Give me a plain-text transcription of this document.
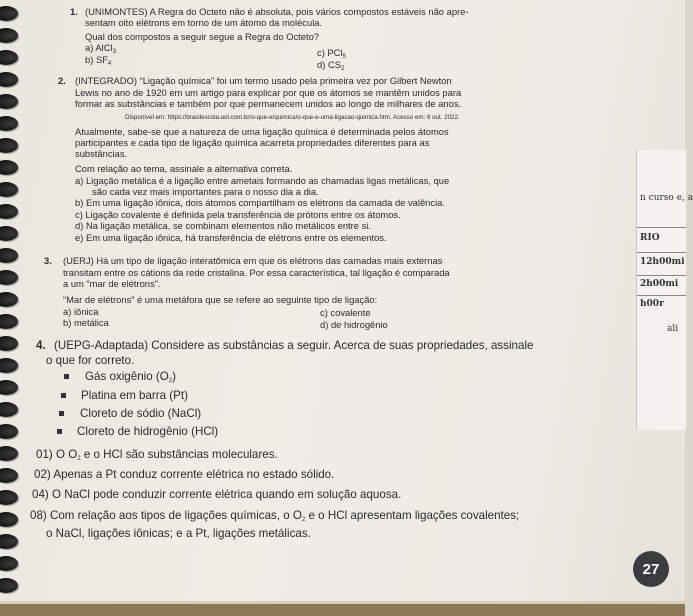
n curso e, a
RIO
12h00mi
2h00mi
h00r
ali
1. (UNIMONTES) A Regra do Octeto não é absoluta, pois vários compostos estáveis não apre-
sentam oito elétrons em torno de um átomo da molécula.
Qual dos compostos a seguir segue a Regra do Octeto?
a) AlCl$_3$
b) $SF_4$
c) PCl$_5$
d) $CS_2$
2. (INTEGRADO) “Ligação química” foi um termo usado pela primeira vez por Gilbert Newton
Lewis no ano de 1920 em um artigo para explicar por que os átomos se mantêm unidos para
formar as substâncias e também por que permanecem unidos ao longo de milhares de anos.
Disponível em: https://brasilescola.uol.com.br/o-que-e/quimica/o-que-e-uma-ligacao-quimica.htm. Acesso em: 6 out. 2022.
Atualmente, sabe-se que a natureza de uma ligação química é determinada pelos átomos
participantes e cada tipo de ligação química acarreta propriedades diferentes para as
substâncias.
Com relação ao tema, assinale a alternativa correta.
a) Ligação metálica é a ligação entre ametais formando as chamadas ligas metálicas, que
são cada vez mais importantes para o nosso dia a dia.
b) Em uma ligação iônica, dois átomos compartilham os elétrons da camada de valência.
c) Ligação covalente é definida pela transferência de prótons entre os átomos.
d) Na ligação metálica, se combinam elementos não metálicos entre si.
e) Em uma ligação iônica, há transferência de elétrons entre os elementos.
3. (UERJ) Há um tipo de ligação interatômica em que os elétrons das camadas mais externas
transitam entre os cátions da rede cristalina. Por essa característica, tal ligação é comparada
a um “mar de elétrons”.
“Mar de elétrons” é uma metáfora que se refere ao seguinte tipo de ligação:
a) iônica
b) metálica
c) covalente
d) de hidrogênio
4. (UEPG-Adaptada) Considere as substâncias a seguir. Acerca de suas propriedades, assinale
o que for correto.
Gás oxigênio $(O_2)$
Platina em barra (Pt)
Cloreto de sódio (NaCl)
Cloreto de hidrogênio (HCl)
01) O $O_2$ e o HCl são substâncias moleculares.
02) Apenas a Pt conduz corrente elétrica no estado sólido.
04) O NaCl pode conduzir corrente elétrica quando em solução aquosa.
08) Com relação aos tipos de ligações químicas, o $O_2$ e o HCl apresentam ligações covalentes;
o NaCl, ligações iônicas; e a Pt, ligações metálicas.
27
